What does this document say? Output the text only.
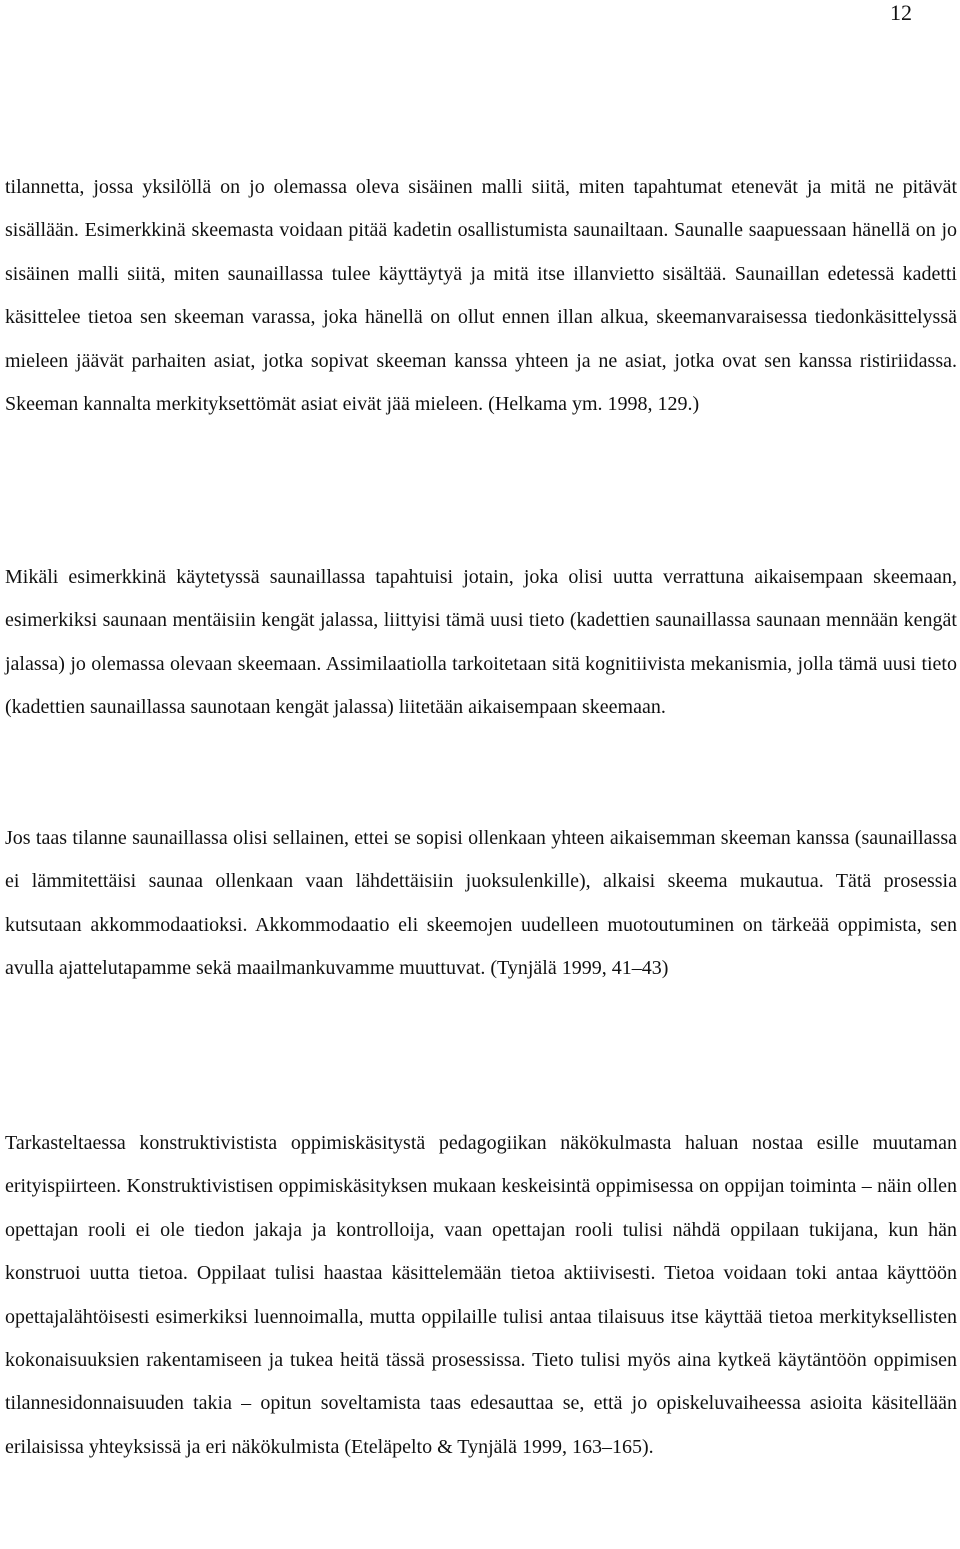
12

tilannetta, jossa yksilöllä on jo olemassa oleva sisäinen malli siitä, miten tapahtumat etenevät ja mitä ne pitävät sisällään. Esimerkkinä skeemasta voidaan pitää kadetin osallistumista saunailtaan. Saunalle saapuessaan hänellä on jo sisäinen malli siitä, miten saunaillassa tulee käyttäytyä ja mitä itse illanvietto sisältää. Saunaillan edetessä kadetti käsittelee tietoa sen skeeman varassa, joka hänellä on ollut ennen illan alkua, skeemanvaraisessa tiedonkäsittelyssä mieleen jäävät parhaiten asiat, jotka sopivat skeeman kanssa yhteen ja ne asiat, jotka ovat sen kanssa ristiriidassa. Skeeman kannalta merkityksettömät asiat eivät jää mieleen. (Helkama ym. 1998, 129.)

Mikäli esimerkkinä käytetyssä saunaillassa tapahtuisi jotain, joka olisi uutta verrattuna aikaisempaan skeemaan, esimerkiksi saunaan mentäisiin kengät jalassa, liittyisi tämä uusi tieto (kadettien saunaillassa saunaan mennään kengät jalassa) jo olemassa olevaan skeemaan. Assimilaatiolla tarkoitetaan sitä kognitiivista mekanismia, jolla tämä uusi tieto (kadettien saunaillassa saunotaan kengät jalassa) liitetään aikaisempaan skeemaan.

Jos taas tilanne saunaillassa olisi sellainen, ettei se sopisi ollenkaan yhteen aikaisemman skeeman kanssa (saunaillassa ei lämmitettäisi saunaa ollenkaan vaan lähdettäisiin juoksulenkille), alkaisi skeema mukautua. Tätä prosessia kutsutaan akkommodaatioksi. Akkommodaatio eli skeemojen uudelleen muotoutuminen on tärkeää oppimista, sen avulla ajattelutapamme sekä maailmankuvamme muuttuvat. (Tynjälä 1999, 41–43)

Tarkasteltaessa konstruktivistista oppimiskäsitystä pedagogiikan näkökulmasta haluan nostaa esille muutaman erityispiirteen. Konstruktivistisen oppimiskäsityksen mukaan keskeisintä oppimisessa on oppijan toiminta – näin ollen opettajan rooli ei ole tiedon jakaja ja kontrolloija, vaan opettajan rooli tulisi nähdä oppilaan tukijana, kun hän konstruoi uutta tietoa. Oppilaat tulisi haastaa käsittelemään tietoa aktiivisesti. Tietoa voidaan toki antaa käyttöön opettajalähtöisesti esimerkiksi luennoimalla, mutta oppilaille tulisi antaa tilaisuus itse käyttää tietoa merkityksellisten kokonaisuuksien rakentamiseen ja tukea heitä tässä prosessissa. Tieto tulisi myös aina kytkeä käytäntöön oppimisen tilannesidonnaisuuden takia – opitun soveltamista taas edesauttaa se, että jo opiskeluvaiheessa asioita käsitellään erilaisissa yhteyksissä ja eri näkökulmista (Eteläpelto & Tynjälä 1999, 163–165).
